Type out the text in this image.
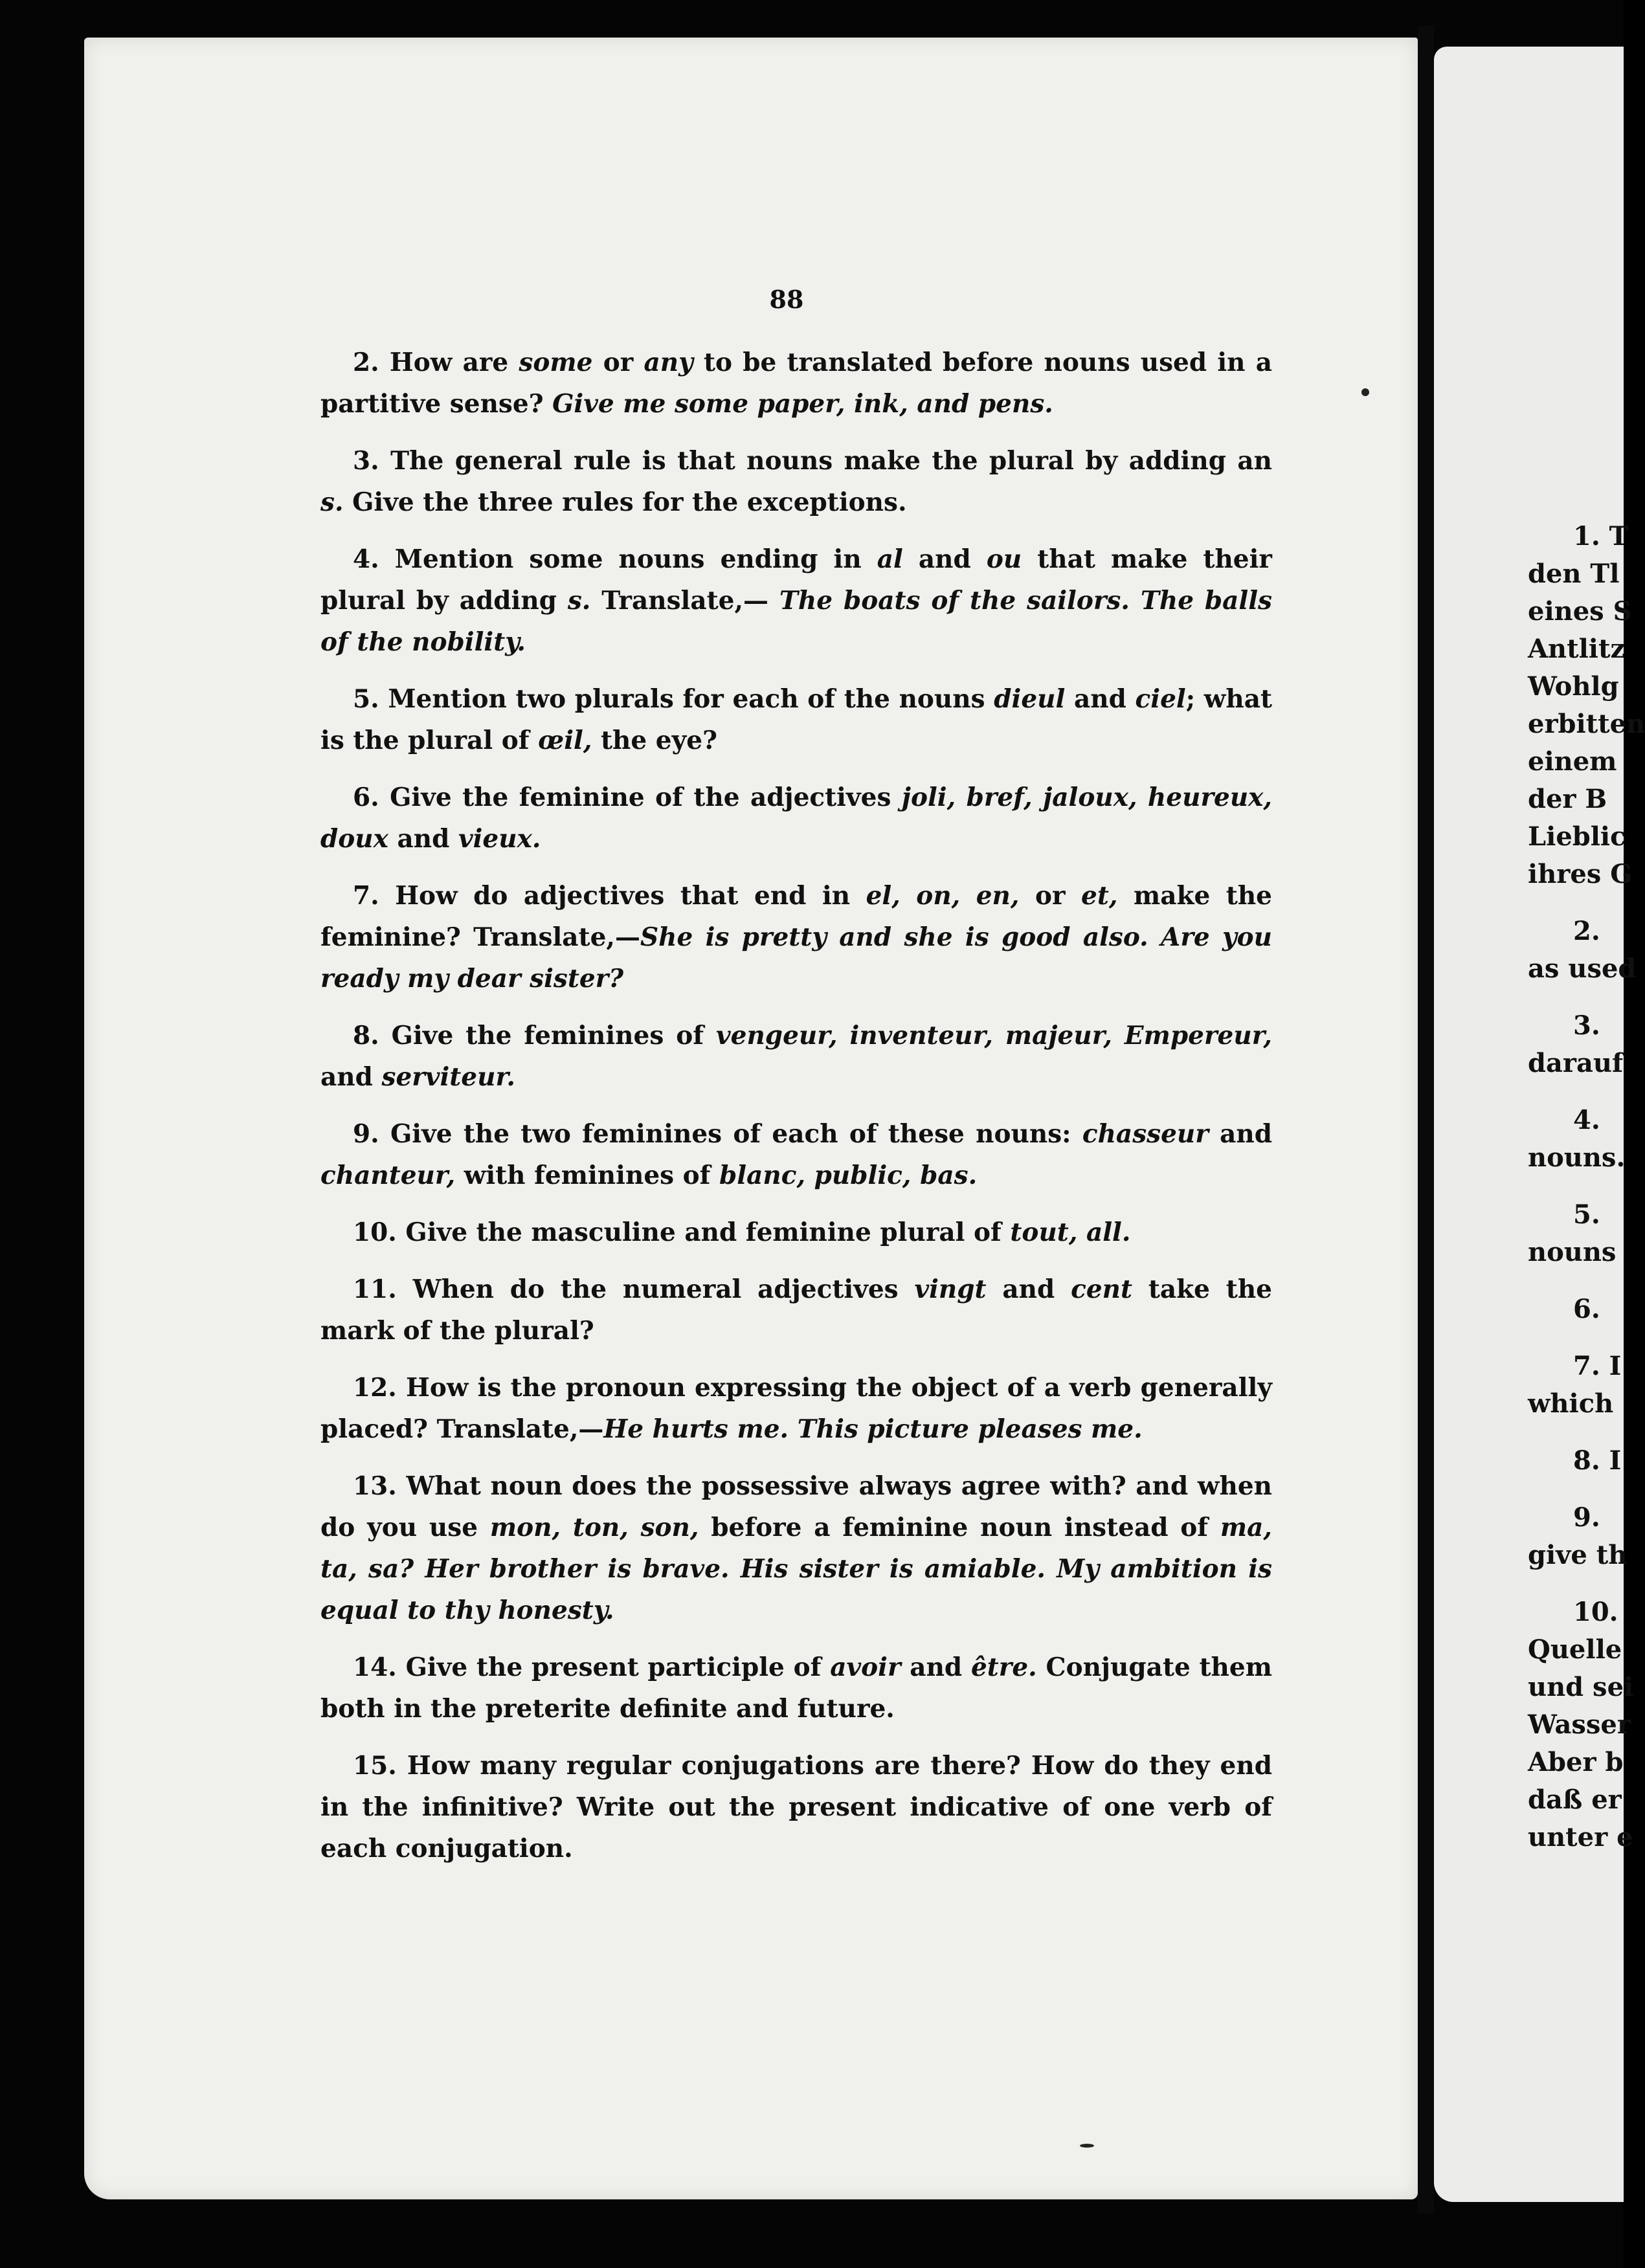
88

2. How are some or any to be translated before nouns used in a partitive sense? Give me some paper, ink, and pens.

3. The general rule is that nouns make the plural by adding an s. Give the three rules for the exceptions.

4. Mention some nouns ending in al and ou that make their plural by adding s. Translate,— The boats of the sailors. The balls of the nobility.

5. Mention two plurals for each of the nouns dieul and ciel; what is the plural of œil, the eye?

6. Give the feminine of the adjectives joli, bref, jaloux, heureux, doux and vieux.

7. How do adjectives that end in el, on, en, or et, make the feminine? Translate,—She is pretty and she is good also. Are you ready my dear sister?

8. Give the feminines of vengeur, inventeur, majeur, Empereur, and serviteur.

9. Give the two feminines of each of these nouns: chasseur and chanteur, with feminines of blanc, public, bas.

10. Give the masculine and feminine plural of tout, all.

11. When do the numeral adjectives vingt and cent take the mark of the plural?

12. How is the pronoun expressing the object of a verb generally placed? Translate,—He hurts me. This picture pleases me.

13. What noun does the possessive always agree with? and when do you use mon, ton, son, before a feminine noun instead of ma, ta, sa? Her brother is brave. His sister is amiable. My ambition is equal to thy honesty.

14. Give the present participle of avoir and être. Conjugate them both in the preterite definite and future.

15. How many regular conjugations are there? How do they end in the infinitive? Write out the present indicative of one verb of each conjugation.

1. T
den Tl
eines S
Antlitz
Wohlg
erbitten
einem
der B
Lieblic
ihres G
2.
as used
3.
darauf
4.
nouns.
5.
nouns
6.
7. I
which
8. I
9.
give th
10.
Quelle
und sei
Wasser
Aber b
daß er
unter e
